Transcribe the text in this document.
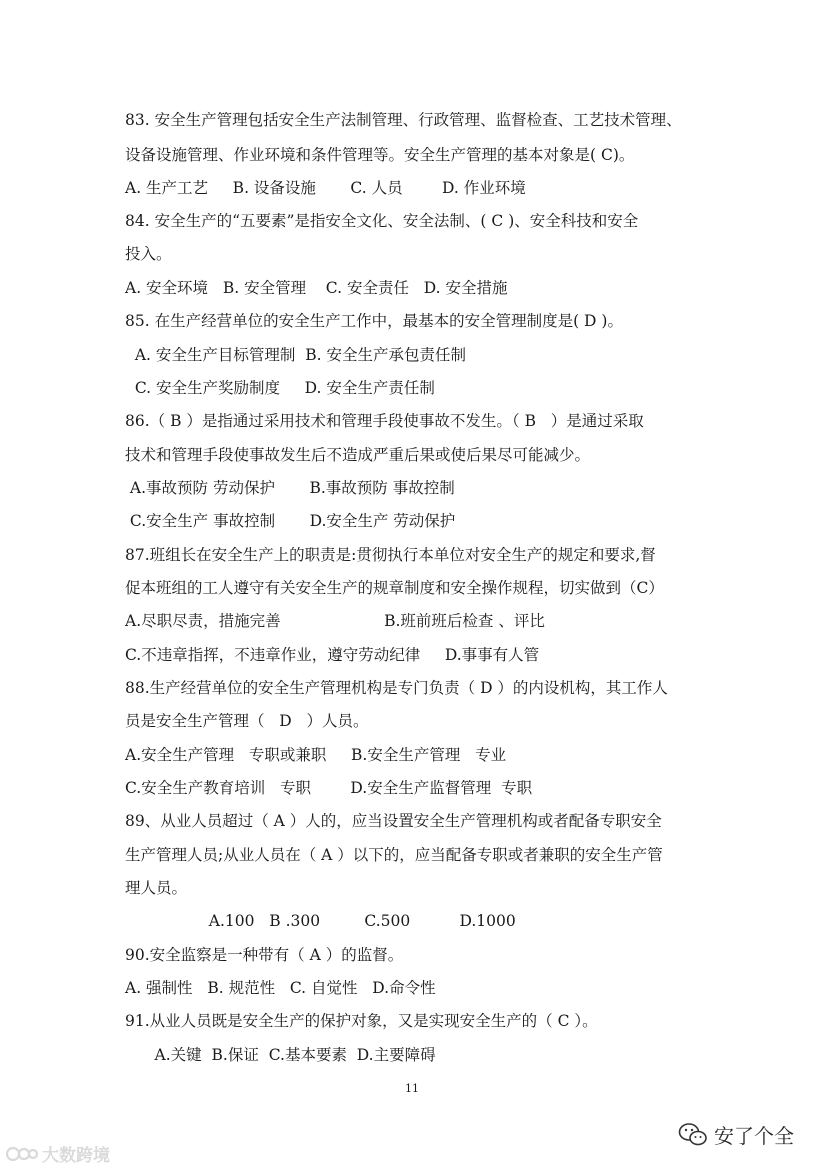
83. 安全生产管理包括安全生产法制管理、行政管理、监督检查、工艺技术管理、
设备设施管理、作业环境和条件管理等。安全生产管理的基本对象是( C)。
A. 生产工艺     B. 设备设施       C. 人员        D. 作业环境
84. 安全生产的“五要素”是指安全文化、安全法制、( C )、安全科技和安全
投入。
A. 安全环境   B. 安全管理    C. 安全责任   D. 安全措施
85. 在生产经营单位的安全生产工作中，最基本的安全管理制度是( D )。
A. 安全生产目标管理制  B. 安全生产承包责任制
C. 安全生产奖励制度     D. 安全生产责任制
86.（ B ）是指通过采用技术和管理手段使事故不发生。（ B   ）是通过采取
技术和管理手段使事故发生后不造成严重后果或使后果尽可能减少。
A.事故预防 劳动保护       B.事故预防 事故控制
C.安全生产 事故控制       D.安全生产 劳动保护
87.班组长在安全生产上的职责是:贯彻执行本单位对安全生产的规定和要求,督
促本班组的工人遵守有关安全生产的规章制度和安全操作规程，切实做到（C）
A.尽职尽责，措施完善                     B.班前班后检查 、评比
C.不违章指挥，不违章作业，遵守劳动纪律     D.事事有人管
88.生产经营单位的安全生产管理机构是专门负责（ D ）的内设机构，其工作人
员是安全生产管理（   D   ）人员。
A.安全生产管理   专职或兼职     B.安全生产管理   专业
C.安全生产教育培训   专职        D.安全生产监督管理  专职
89、从业人员超过（ A ）人的，应当设置安全生产管理机构或者配备专职安全
生产管理人员;从业人员在（ A ）以下的，应当配备专职或者兼职的安全生产管
理人员。
A.100   B .300         C.500          D.1000
90.安全监察是一种带有（ A ）的监督。
A. 强制性   B. 规范性   C. 自觉性   D.命令性
91.从业人员既是安全生产的保护对象，又是实现安全生产的（ C ）。
A.关键  B.保证  C.基本要素  D.主要障碍
11
大数跨境
安了个全
